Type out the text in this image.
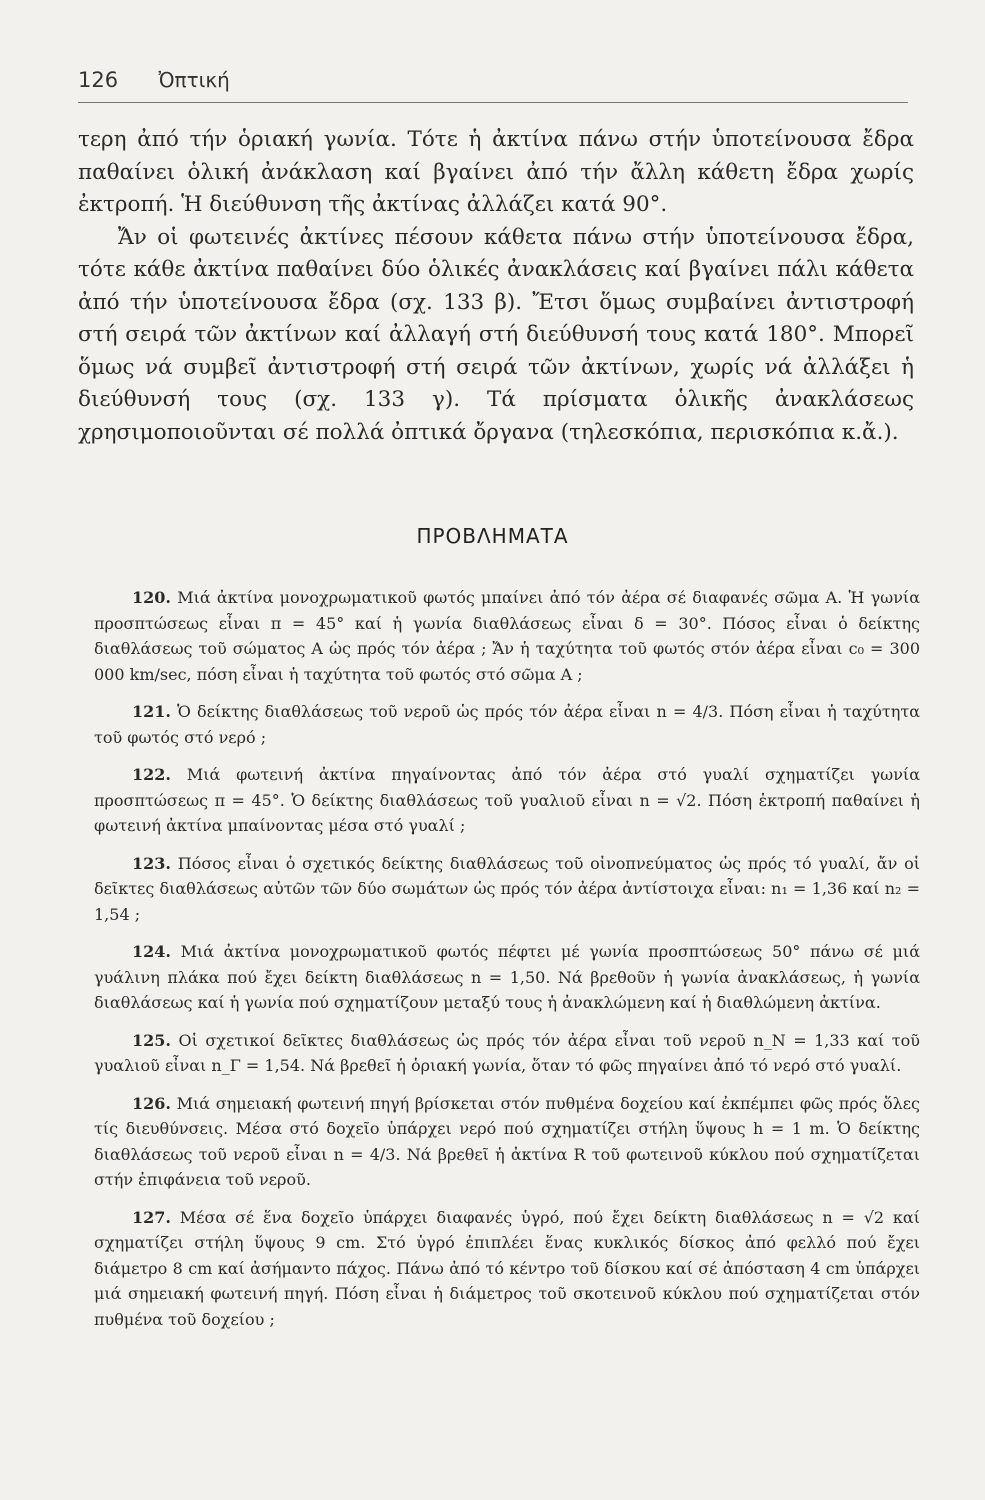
126 Ὀπτική

τερη ἀπό τήν ὁριακή γωνία. Τότε ἡ ἀκτίνα πάνω στήν ὑποτείνουσα ἔδρα παθαίνει ὁλική ἀνάκλαση καί βγαίνει ἀπό τήν ἄλλη κάθετη ἔδρα χωρίς ἐκτροπή. Ἡ διεύθυνση τῆς ἀκτίνας ἀλλάζει κατά 90°.

Ἄν οἱ φωτεινές ἀκτίνες πέσουν κάθετα πάνω στήν ὑποτείνουσα ἔδρα, τότε κάθε ἀκτίνα παθαίνει δύο ὁλικές ἀνακλάσεις καί βγαίνει πάλι κάθετα ἀπό τήν ὑποτείνουσα ἔδρα (σχ. 133 β). Ἔτσι ὅμως συμβαίνει ἀντιστροφή στή σειρά τῶν ἀκτίνων καί ἀλλαγή στή διεύθυνσή τους κατά 180°. Μπορεῖ ὅμως νά συμβεῖ ἀντιστροφή στή σειρά τῶν ἀκτίνων, χωρίς νά ἀλλάξει ἡ διεύθυνσή τους (σχ. 133 γ). Τά πρίσματα ὁλικῆς ἀνακλάσεως χρησιμοποιοῦνται σέ πολλά ὀπτικά ὄργανα (τηλεσκόπια, περισκόπια κ.ἄ.).

ΠΡΟΒΛΗΜΑΤΑ

120. Μιά ἀκτίνα μονοχρωματικοῦ φωτός μπαίνει ἀπό τόν ἀέρα σέ διαφανές σῶμα Α. Ἡ γωνία προσπτώσεως εἶναι π = 45° καί ἡ γωνία διαθλάσεως εἶναι δ = 30°. Πόσος εἶναι ὁ δείκτης διαθλάσεως τοῦ σώματος Α ὡς πρός τόν ἀέρα ; Ἄν ἡ ταχύτητα τοῦ φωτός στόν ἀέρα εἶναι c₀ = 300 000 km/sec, πόση εἶναι ἡ ταχύτητα τοῦ φωτός στό σῶμα Α ;

121. Ὁ δείκτης διαθλάσεως τοῦ νεροῦ ὡς πρός τόν ἀέρα εἶναι n = 4/3. Πόση εἶναι ἡ ταχύτητα τοῦ φωτός στό νερό ;

122. Μιά φωτεινή ἀκτίνα πηγαίνοντας ἀπό τόν ἀέρα στό γυαλί σχηματίζει γωνία προσπτώσεως π = 45°. Ὁ δείκτης διαθλάσεως τοῦ γυαλιοῦ εἶναι n = √2. Πόση ἐκτροπή παθαίνει ἡ φωτεινή ἀκτίνα μπαίνοντας μέσα στό γυαλί ;

123. Πόσος εἶναι ὁ σχετικός δείκτης διαθλάσεως τοῦ οἰνοπνεύματος ὡς πρός τό γυαλί, ἄν οἱ δεῖκτες διαθλάσεως αὐτῶν τῶν δύο σωμάτων ὡς πρός τόν ἀέρα ἀντίστοιχα εἶναι: n₁ = 1,36 καί n₂ = 1,54 ;

124. Μιά ἀκτίνα μονοχρωματικοῦ φωτός πέφτει μέ γωνία προσπτώσεως 50° πάνω σέ μιά γυάλινη πλάκα πού ἔχει δείκτη διαθλάσεως n = 1,50. Νά βρεθοῦν ἡ γωνία ἀνακλάσεως, ἡ γωνία διαθλάσεως καί ἡ γωνία πού σχηματίζουν μεταξύ τους ἡ ἀνακλώμενη καί ἡ διαθλώμενη ἀκτίνα.

125. Οἱ σχετικοί δεῖκτες διαθλάσεως ὡς πρός τόν ἀέρα εἶναι τοῦ νεροῦ n_N = 1,33 καί τοῦ γυαλιοῦ εἶναι n_Γ = 1,54. Νά βρεθεῖ ἡ ὁριακή γωνία, ὅταν τό φῶς πηγαίνει ἀπό τό νερό στό γυαλί.

126. Μιά σημειακή φωτεινή πηγή βρίσκεται στόν πυθμένα δοχείου καί ἐκπέμπει φῶς πρός ὅλες τίς διευθύνσεις. Μέσα στό δοχεῖο ὑπάρχει νερό πού σχηματίζει στήλη ὕψους h = 1 m. Ὁ δείκτης διαθλάσεως τοῦ νεροῦ εἶναι n = 4/3. Νά βρεθεῖ ἡ ἀκτίνα R τοῦ φωτεινοῦ κύκλου πού σχηματίζεται στήν ἐπιφάνεια τοῦ νεροῦ.

127. Μέσα σέ ἕνα δοχεῖο ὑπάρχει διαφανές ὑγρό, πού ἔχει δείκτη διαθλάσεως n = √2 καί σχηματίζει στήλη ὕψους 9 cm. Στό ὑγρό ἐπιπλέει ἕνας κυκλικός δίσκος ἀπό φελλό πού ἔχει διάμετρο 8 cm καί ἀσήμαντο πάχος. Πάνω ἀπό τό κέντρο τοῦ δίσκου καί σέ ἀπόσταση 4 cm ὑπάρχει μιά σημειακή φωτεινή πηγή. Πόση εἶναι ἡ διάμετρος τοῦ σκοτεινοῦ κύκλου πού σχηματίζεται στόν πυθμένα τοῦ δοχείου ;
